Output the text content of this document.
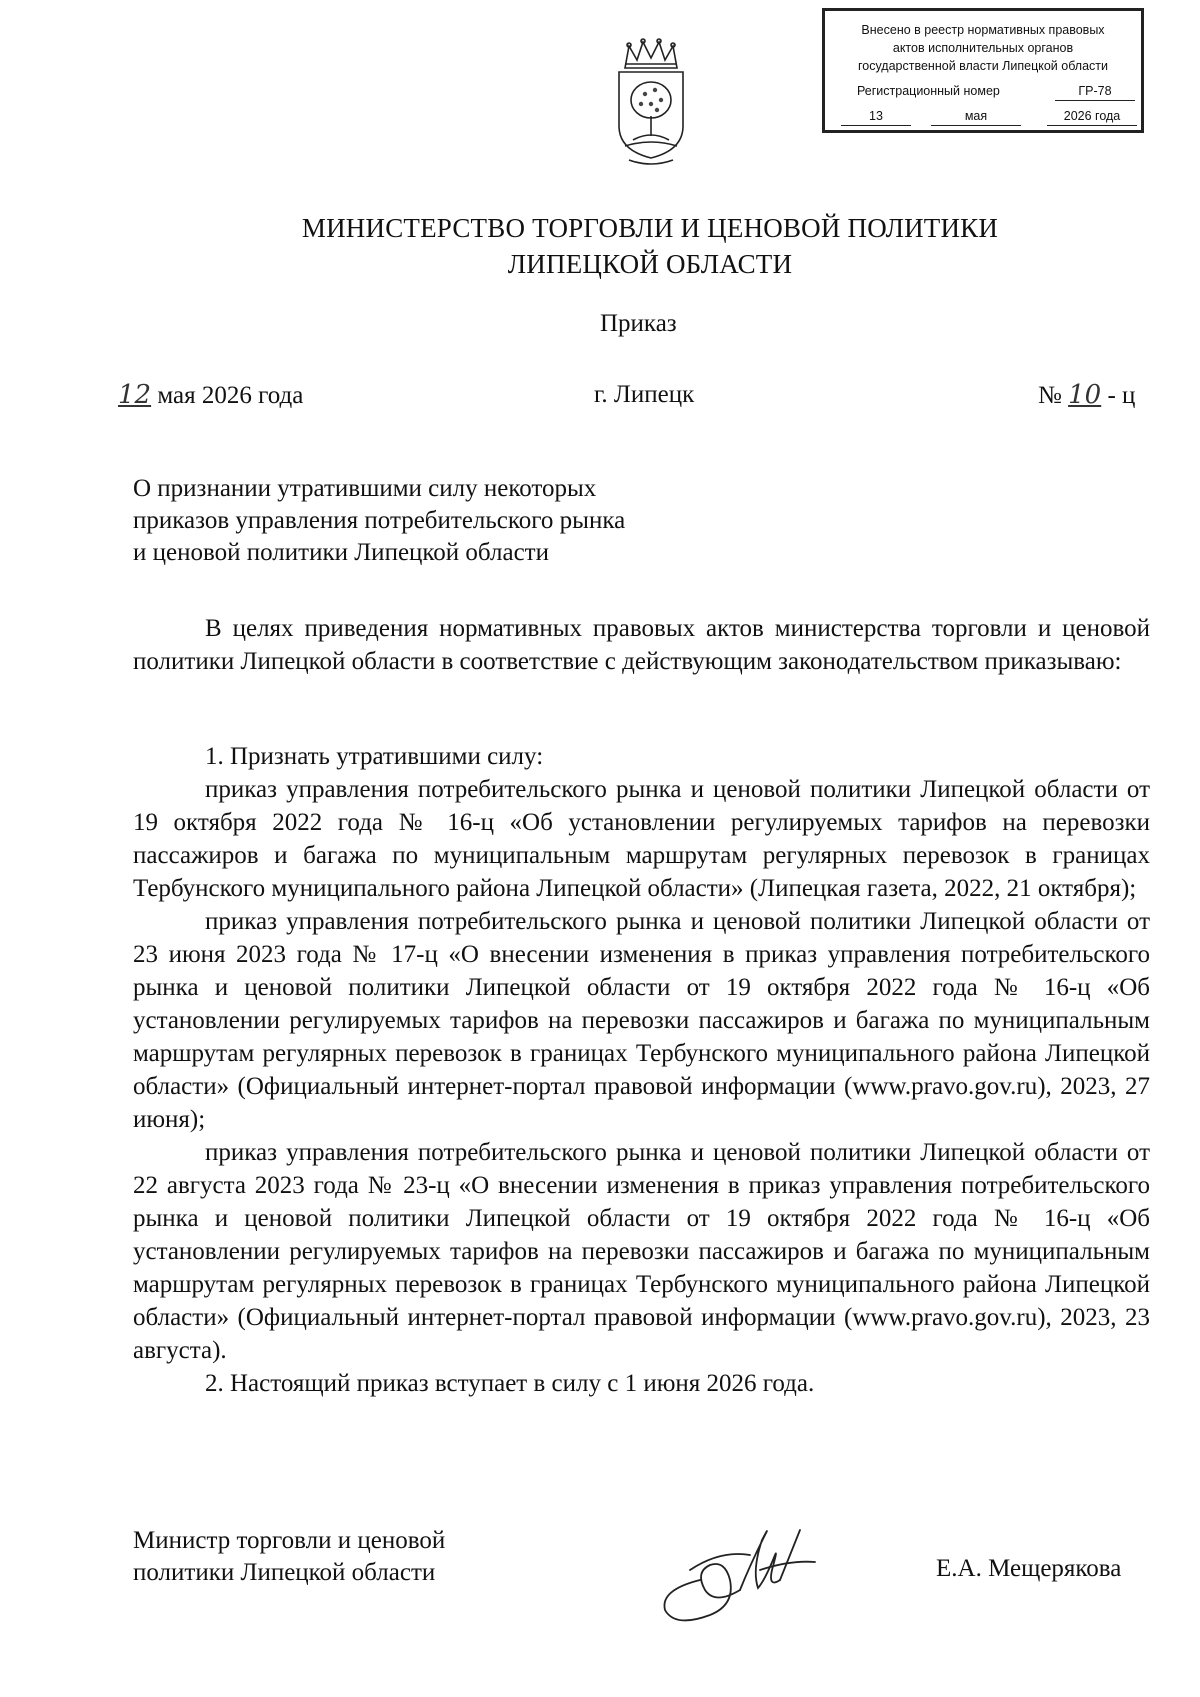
Внесено в реестр нормативных правовых
актов исполнительных органов
государственной власти Липецкой области
Регистрационный номер	ГР-78
13	мая	2026 года
МИНИСТЕРСТВО ТОРГОВЛИ И ЦЕНОВОЙ ПОЛИТИКИ
ЛИПЕЦКОЙ ОБЛАСТИ
Приказ
12 мая 2026 года	г. Липецк	№ 10 - ц
О признании утратившими силу некоторых
приказов управления потребительского рынка
и ценовой политики Липецкой области

В целях приведения нормативных правовых актов министерства торговли и ценовой политики Липецкой области в соответствие с действующим законодательством приказываю:

1. Признать утратившими силу:

приказ управления потребительского рынка и ценовой политики Липецкой области от 19 октября 2022 года № 16-ц «Об установлении регулируемых тарифов на перевозки пассажиров и багажа по муниципальным маршрутам регулярных перевозок в границах Тербунского муниципального района Липецкой области» (Липецкая газета, 2022, 21 октября);

приказ управления потребительского рынка и ценовой политики Липецкой области от 23 июня 2023 года № 17-ц «О внесении изменения в приказ управления потребительского рынка и ценовой политики Липецкой области от 19 октября 2022 года № 16-ц «Об установлении регулируемых тарифов на перевозки пассажиров и багажа по муниципальным маршрутам регулярных перевозок в границах Тербунского муниципального района Липецкой области» (Официальный интернет-портал правовой информации (www.pravo.gov.ru), 2023, 27 июня);

приказ управления потребительского рынка и ценовой политики Липецкой области от 22 августа 2023 года № 23-ц «О внесении изменения в приказ управления потребительского рынка и ценовой политики Липецкой области от 19 октября 2022 года № 16-ц «Об установлении регулируемых тарифов на перевозки пассажиров и багажа по муниципальным маршрутам регулярных перевозок в границах Тербунского муниципального района Липецкой области» (Официальный интернет-портал правовой информации (www.pravo.gov.ru), 2023, 23 августа).

2. Настоящий приказ вступает в силу с 1 июня 2026 года.

Министр торговли и ценовой
политики Липецкой области	Е.А. Мещерякова
